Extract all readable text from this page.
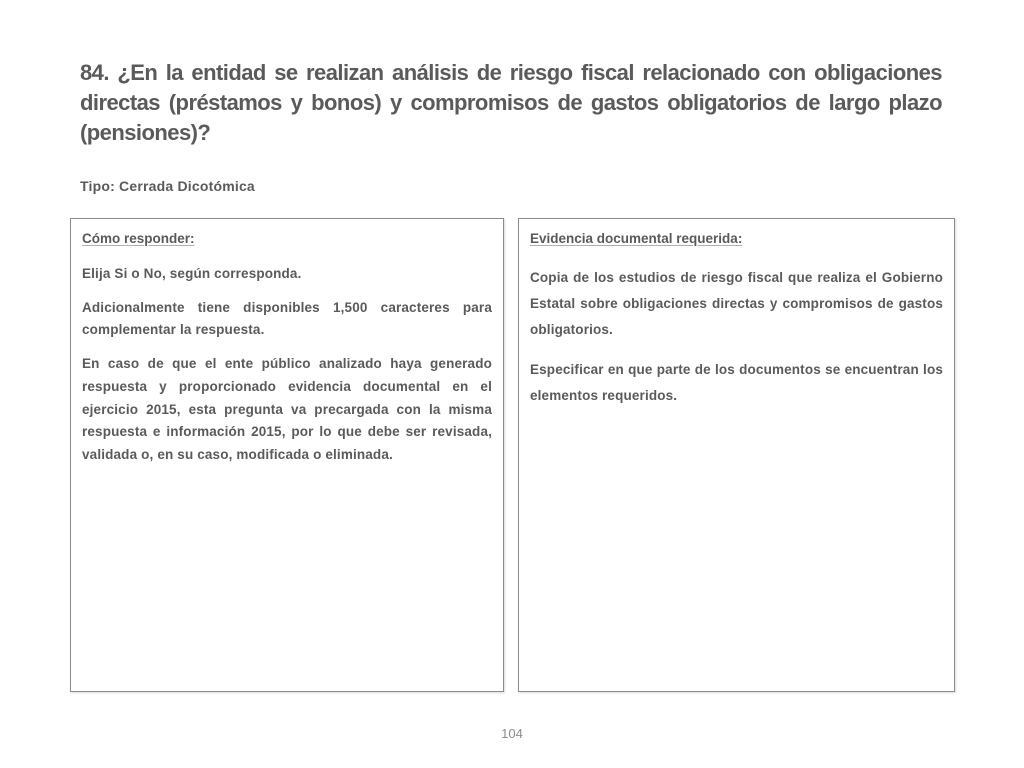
84. ¿En la entidad se realizan análisis de riesgo fiscal relacionado con obligaciones directas (préstamos y bonos) y compromisos de gastos obligatorios de largo plazo (pensiones)?

Tipo: Cerrada Dicotómica

Cómo responder:

Elija Si o No, según corresponda.

Adicionalmente tiene disponibles 1,500 caracteres para complementar la respuesta.

En caso de que el ente público analizado haya generado respuesta y proporcionado evidencia documental en el ejercicio 2015, esta pregunta va precargada con la misma respuesta e información 2015, por lo que debe ser revisada, validada o, en su caso, modificada o eliminada.

Evidencia documental requerida:

Copia de los estudios de riesgo fiscal que realiza el Gobierno Estatal sobre obligaciones directas y compromisos de gastos obligatorios.

Especificar en que parte de los documentos se encuentran los elementos requeridos.

104
